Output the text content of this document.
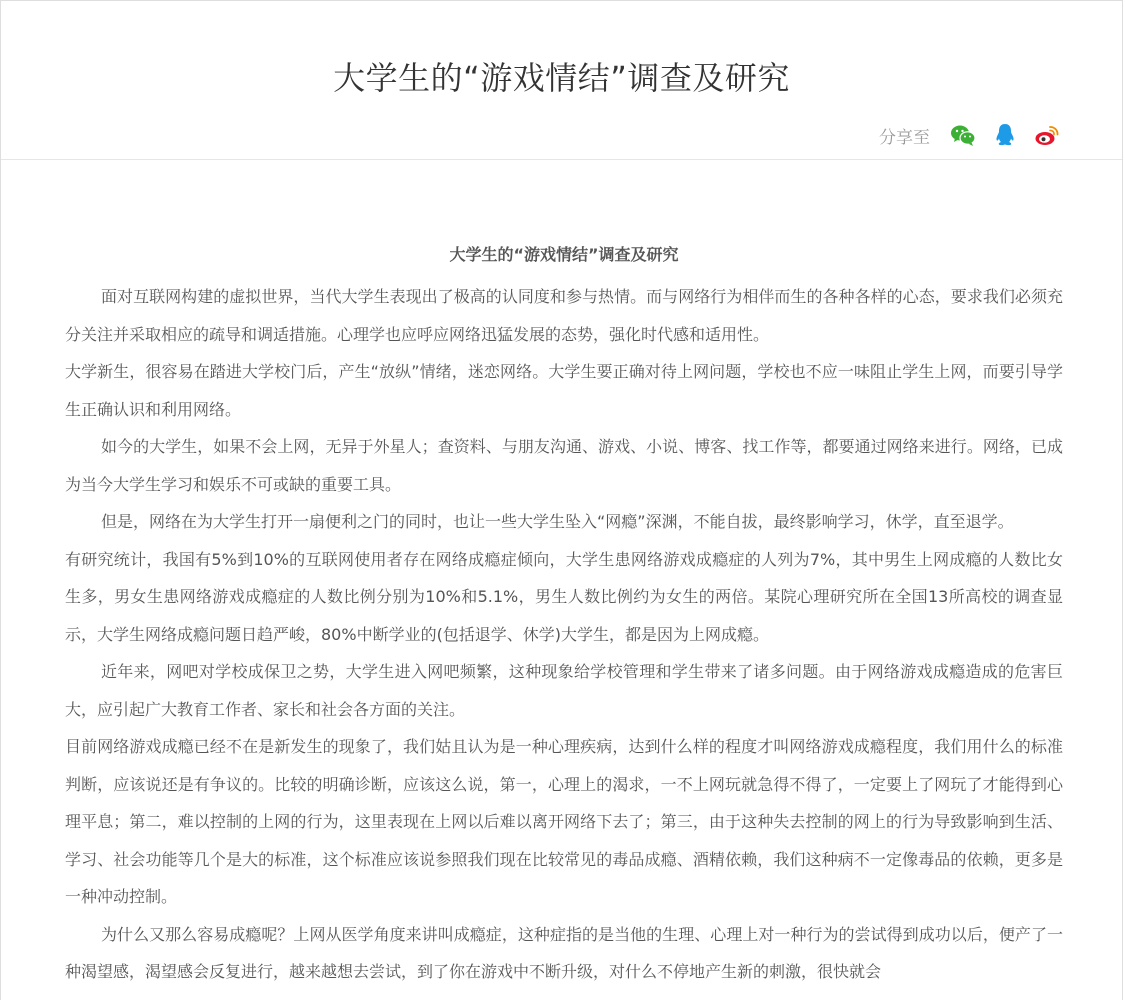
大学生的“游戏情结”调查及研究
分享至
大学生的“游戏情结”调查及研究

面对互联网构建的虚拟世界，当代大学生表现出了极高的认同度和参与热情。而与网络行为相伴而生的各种各样的心态，要求我们必须充分关注并采取相应的疏导和调适措施。心理学也应呼应网络迅猛发展的态势，强化时代感和适用性。

大学新生，很容易在踏进大学校门后，产生“放纵”情绪，迷恋网络。大学生要正确对待上网问题，学校也不应一味阻止学生上网，而要引导学生正确认识和利用网络。

如今的大学生，如果不会上网，无异于外星人；查资料、与朋友沟通、游戏、小说、博客、找工作等，都要通过网络来进行。网络，已成为当今大学生学习和娱乐不可或缺的重要工具。

但是，网络在为大学生打开一扇便利之门的同时，也让一些大学生坠入“网瘾”深渊，不能自拔，最终影响学习，休学，直至退学。

有研究统计，我国有5%到10%的互联网使用者存在网络成瘾症倾向，大学生患网络游戏成瘾症的人列为7%，其中男生上网成瘾的人数比女生多，男女生患网络游戏成瘾症的人数比例分别为10%和5.1%，男生人数比例约为女生的两倍。某院心理研究所在全国13所高校的调查显示，大学生网络成瘾问题日趋严峻，80%中断学业的(包括退学、休学)大学生，都是因为上网成瘾。

近年来，网吧对学校成保卫之势，大学生进入网吧频繁，这种现象给学校管理和学生带来了诸多问题。由于网络游戏成瘾造成的危害巨大，应引起广大教育工作者、家长和社会各方面的关注。

目前网络游戏成瘾已经不在是新发生的现象了，我们姑且认为是一种心理疾病，达到什么样的程度才叫网络游戏成瘾程度，我们用什么的标准判断，应该说还是有争议的。比较的明确诊断，应该这么说，第一，心理上的渴求，一不上网玩就急得不得了，一定要上了网玩了才能得到心理平息；第二，难以控制的上网的行为，这里表现在上网以后难以离开网络下去了；第三，由于这种失去控制的网上的行为导致影响到生活、学习、社会功能等几个是大的标准，这个标准应该说参照我们现在比较常见的毒品成瘾、酒精依赖，我们这种病不一定像毒品的依赖，更多是一种冲动控制。

为什么又那么容易成瘾呢？上网从医学角度来讲叫成瘾症，这种症指的是当他的生理、心理上对一种行为的尝试得到成功以后，便产了一种渴望感，渴望感会反复进行，越来越想去尝试，到了你在游戏中不断升级，对什么不停地产生新的刺激，很快就会
